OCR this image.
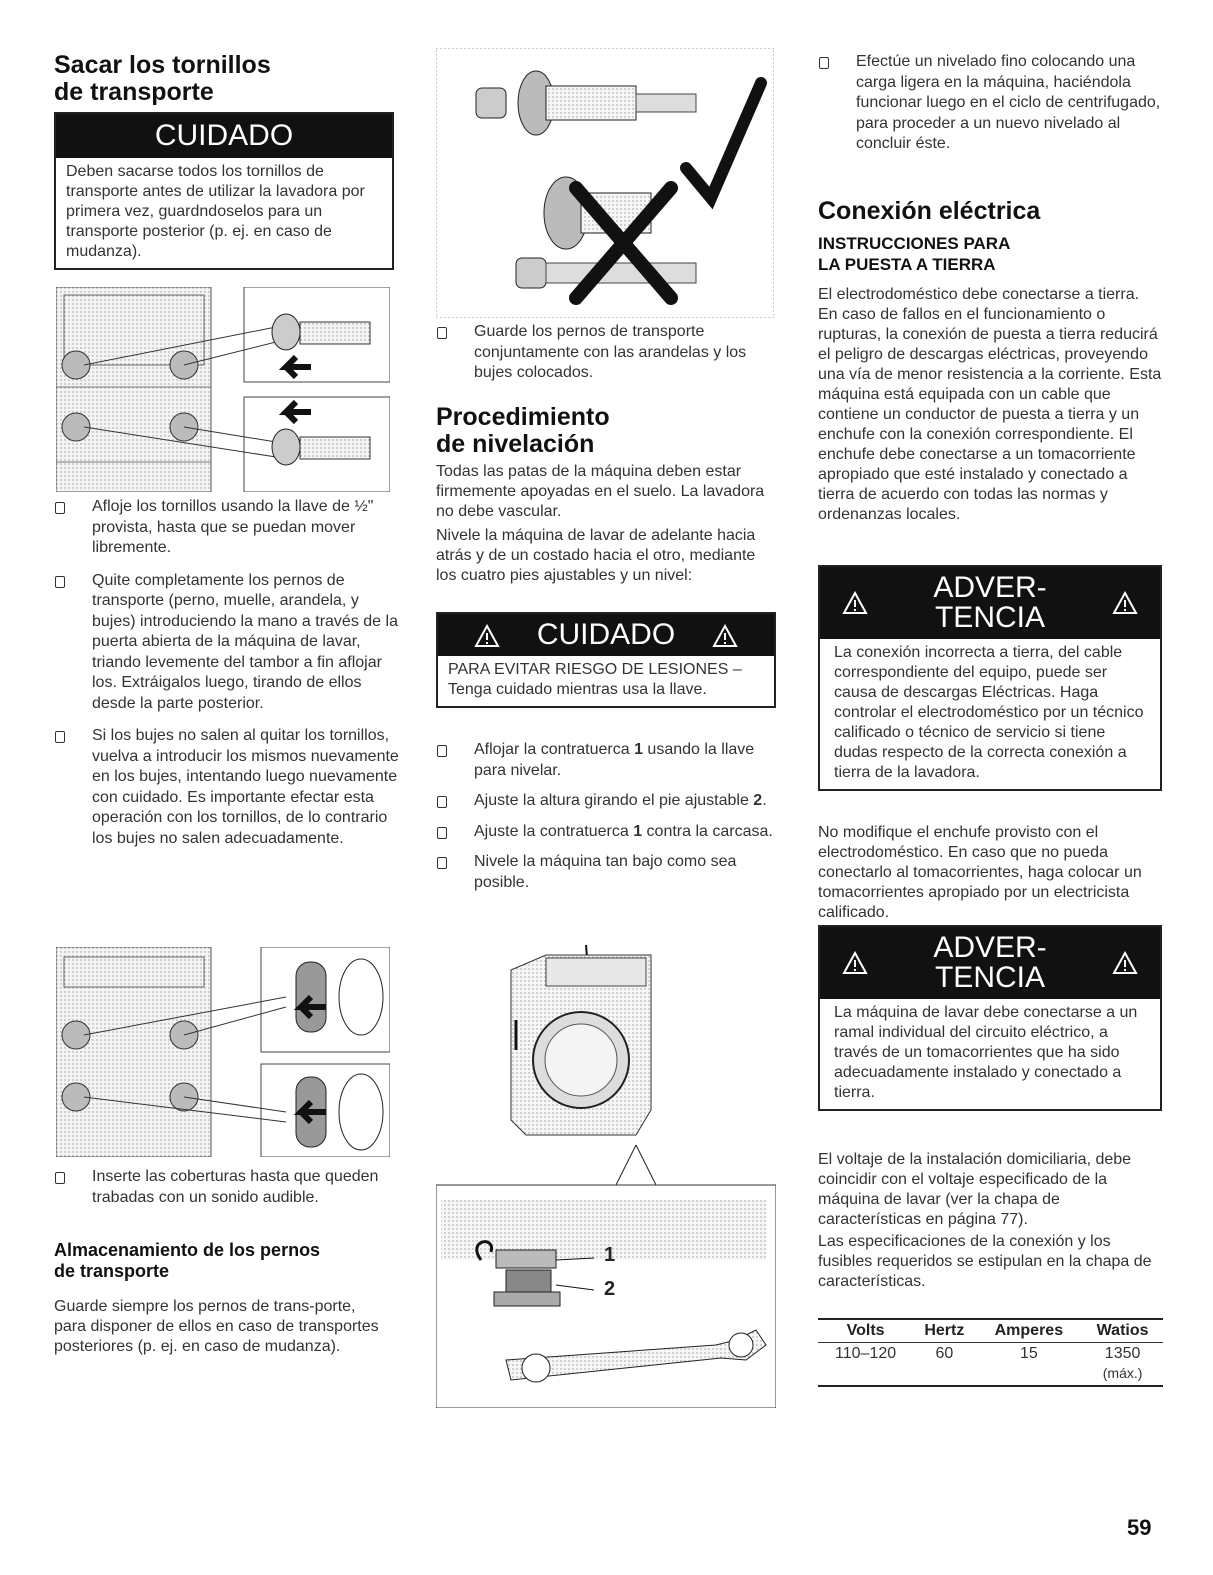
Sacar los tornillos
de transporte
CUIDADO
Deben sacarse todos los tornillos de transporte antes de utilizar la lavadora por primera vez, guardndoselos para un transporte posterior (p. ej. en caso de mudanza).

Afloje los tornillos usando la llave de ½" provista, hasta que se puedan mover libremente.

Quite completamente los pernos de transporte (perno, muelle, arandela, y bujes) introduciendo la mano a través de la puerta abierta de la máquina de lavar, triando levemente del tambor a fin aflojar los. Extráigalos luego, tirando de ellos desde la parte posterior.

Si los bujes no salen al quitar los tornillos, vuelva a introducir los mismos nuevamente en los bujes, intentando luego nuevamente con cuidado. Es importante efectar esta operación con los tornillos, de lo contrario los bujes no salen adecuadamente.

Inserte las coberturas hasta que queden trabadas con un sonido audible.

Almacenamiento de los pernos
de transporte

Guarde siempre los pernos de trans-porte, para disponer de ellos en caso de transportes posteriores (p. ej. en caso de mudanza).

Guarde los pernos de transporte conjuntamente con las arandelas y los bujes colocados.

Procedimiento
de nivelación

Todas las patas de la máquina deben estar firmemente apoyadas en el suelo. La lavadora no debe vascular.

Nivele la máquina de lavar de adelante hacia atrás y de un costado hacia el otro, mediante los cuatro pies ajustables y un nivel:

CUIDADO
PARA EVITAR RIESGO DE LESIONES – Tenga cuidado mientras usa la llave.

Aflojar la contratuerca 1 usando la llave para nivelar.

Ajuste la altura girando el pie ajustable 2.

Ajuste la contratuerca 1 contra la carcasa.

Nivele la máquina tan bajo como sea posible.

1
2

Efectúe un nivelado fino colocando una carga ligera en la máquina, haciéndola funcionar luego en el ciclo de centrifugado, para proceder a un nuevo nivelado al concluir éste.

Conexión eléctrica
INSTRUCCIONES PARA
LA PUESTA A TIERRA

El electrodoméstico debe conectarse a tierra. En caso de fallos en el funcionamiento o rupturas, la conexión de puesta a tierra reducirá el peligro de descargas eléctricas, proveyendo una vía de menor resistencia a la corriente. Esta máquina está equipada con un cable que contiene un conductor de puesta a tierra y un enchufe con la conexión correspondiente. El enchufe debe conectarse a un tomacorriente apropiado que esté instalado y conectado a tierra de acuerdo con todas las normas y ordenanzas locales.

ADVER-
TENCIA
La conexión incorrecta a tierra, del cable correspondiente del equipo, puede ser causa de descargas Eléctricas. Haga controlar el electrodoméstico por un técnico calificado o técnico de servicio si tiene dudas respecto de la correcta conexión a tierra de la lavadora.

No modifique el enchufe provisto con el electrodoméstico. En caso que no pueda conectarlo al tomacorrientes, haga colocar un tomacorrientes apropiado por un electricista calificado.

ADVER-
TENCIA
La máquina de lavar debe conectarse a un ramal individual del circuito eléctrico, a través de un tomacorrientes que ha sido adecuadamente instalado y conectado a tierra.

El voltaje de la instalación domiciliaria, debe coincidir con el voltaje especificado de la máquina de lavar (ver la chapa de características en página 77).

Las especificaciones de la conexión y los fusibles requeridos se estipulan en la chapa de características.

Volts	Hertz	Amperes	Watios
110–120	60	15	1350
			(máx.)
59
